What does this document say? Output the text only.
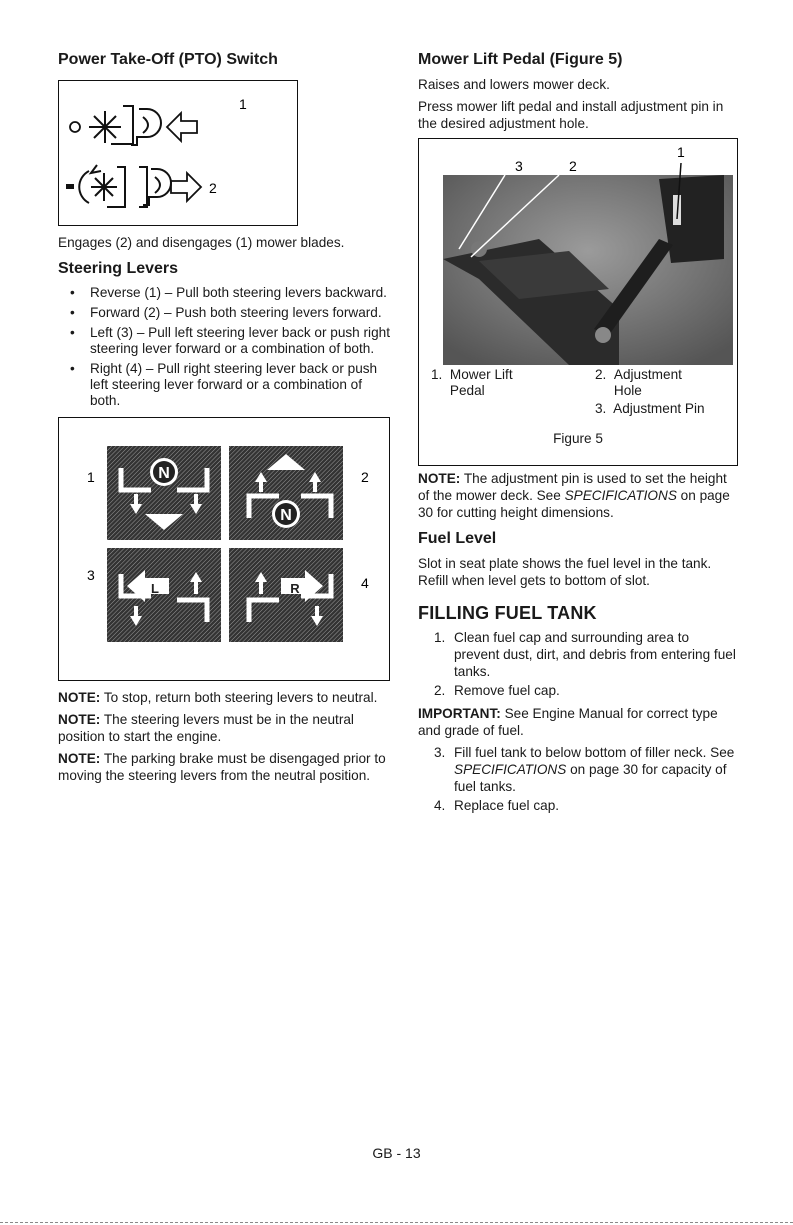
Power Take-Off (PTO) Switch
1
2

Engages (2) and disengages (1) mower blades.

Steering Levers
• Reverse (1) – Pull both steering levers backward.
• Forward (2) – Push both steering levers forward.
• Left (3) – Pull left steering lever back or push right steering lever forward or a combination of both.
• Right (4) – Pull right steering lever back or push left steering lever forward or a combination of both.
N
N
L	R
1	2
3	4

NOTE: To stop, return both steering levers to neutral.

NOTE: The steering levers must be in the neutral position to start the engine.

NOTE: The parking brake must be disengaged prior to moving the steering levers from the neutral position.

Mower Lift Pedal (Figure 5)

Raises and lowers mower deck.

Press mower lift pedal and install adjustment pin in the desired adjustment hole.

3	2
1
1. Mower Lift Pedal
2. Adjustment Hole
3. Adjustment Pin
Figure 5

NOTE: The adjustment pin is used to set the height of the mower deck. See SPECIFICATIONS on page 30 for cutting height dimensions.

Fuel Level

Slot in seat plate shows the fuel level in the tank. Refill when level gets to bottom of slot.

FILLING FUEL TANK
1. Clean fuel cap and surrounding area to prevent dust, dirt, and debris from entering fuel tanks.
2. Remove fuel cap.

IMPORTANT: See Engine Manual for correct type and grade of fuel.

3. Fill fuel tank to below bottom of filler neck. See SPECIFICATIONS on page 30 for capacity of fuel tanks.
4. Replace fuel cap.
GB - 13
